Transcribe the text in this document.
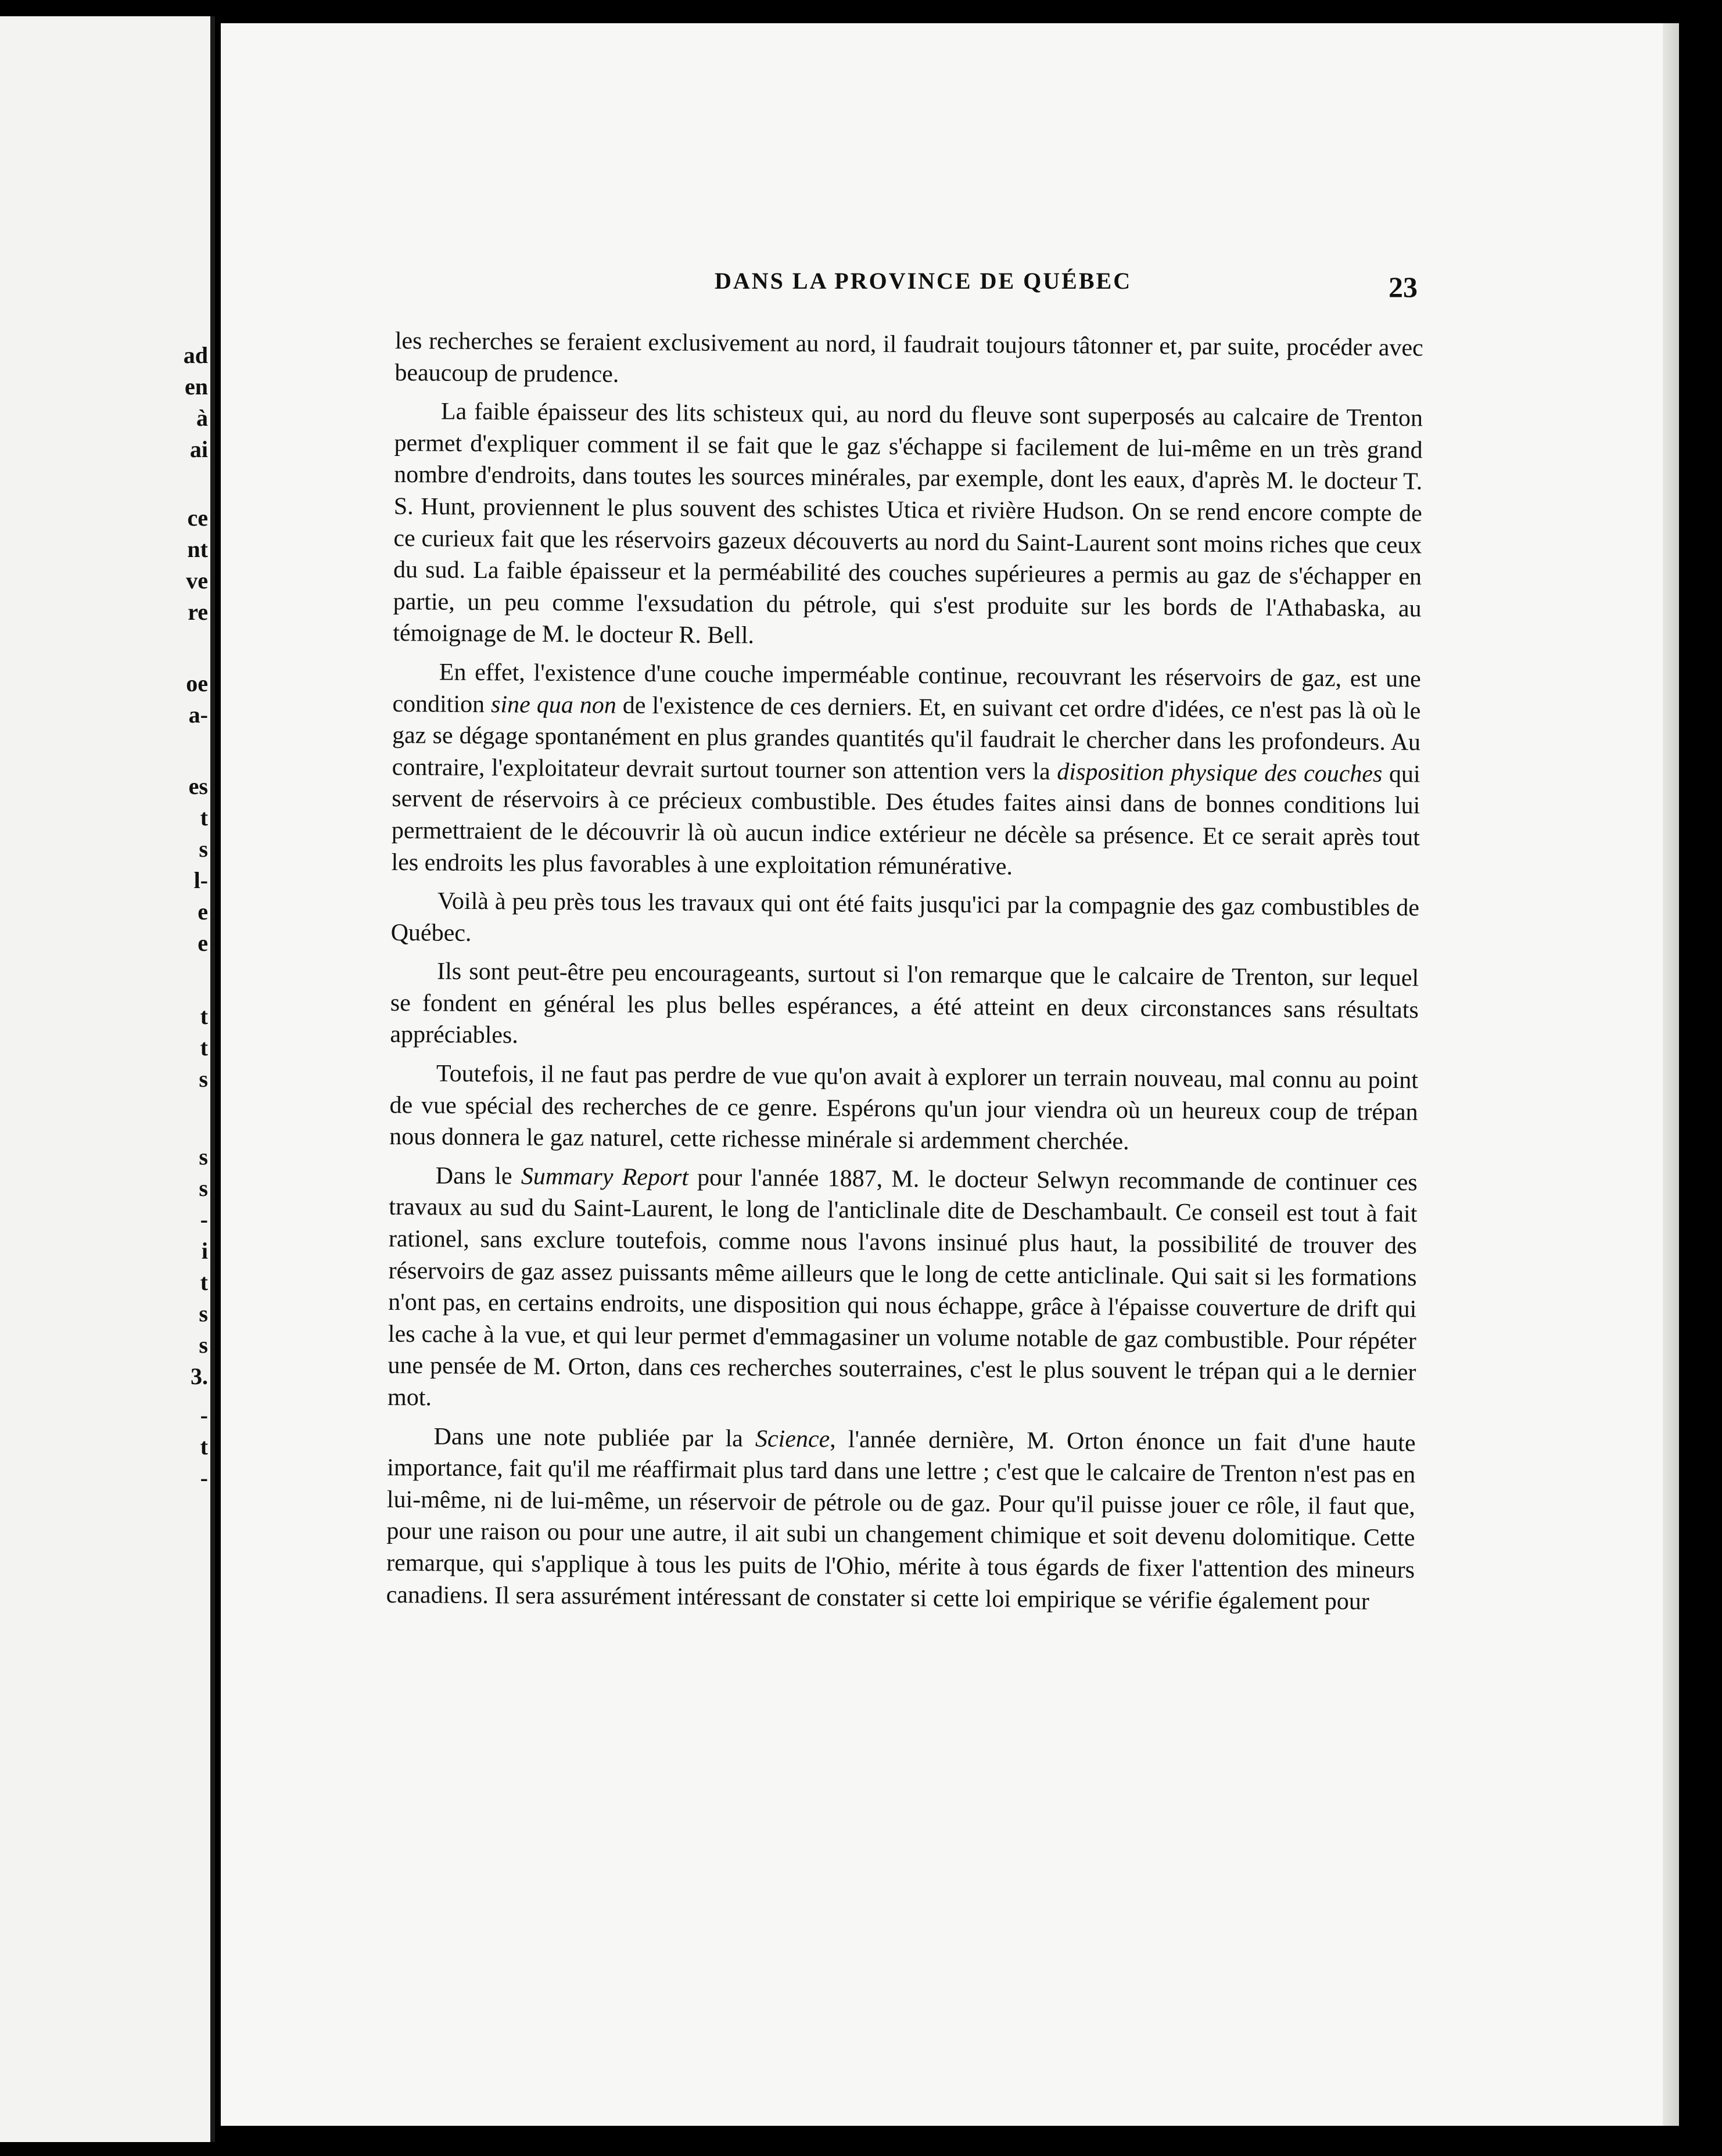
ad
en
à
ai
ce
nt
ve
re
oe
a-
es
t
s
l-
e
e
t
t
s
s
s
-
i
t
s
s
3.
-
t
-
DANS LA PROVINCE DE QUÉBEC	23

les recherches se feraient exclusivement au nord, il faudrait toujours tâtonner et, par suite, procéder avec beaucoup de prudence.

La faible épaisseur des lits schisteux qui, au nord du fleuve sont superposés au calcaire de Trenton permet d'expliquer comment il se fait que le gaz s'échappe si facilement de lui-même en un très grand nombre d'endroits, dans toutes les sources minérales, par exemple, dont les eaux, d'après M. le docteur T. S. Hunt, proviennent le plus souvent des schistes Utica et rivière Hudson. On se rend encore compte de ce curieux fait que les réservoirs gazeux découverts au nord du Saint-Laurent sont moins riches que ceux du sud. La faible épaisseur et la perméabilité des couches supérieures a permis au gaz de s'échapper en partie, un peu comme l'exsudation du pétrole, qui s'est produite sur les bords de l'Athabaska, au témoignage de M. le docteur R. Bell.

En effet, l'existence d'une couche imperméable continue, recouvrant les réservoirs de gaz, est une condition sine qua non de l'existence de ces derniers. Et, en suivant cet ordre d'idées, ce n'est pas là où le gaz se dégage spontanément en plus grandes quantités qu'il faudrait le chercher dans les profondeurs. Au contraire, l'exploitateur devrait surtout tourner son attention vers la disposition physique des couches qui servent de réservoirs à ce précieux combustible. Des études faites ainsi dans de bonnes conditions lui permettraient de le découvrir là où aucun indice extérieur ne décèle sa présence. Et ce serait après tout les endroits les plus favorables à une exploitation rémunérative.

Voilà à peu près tous les travaux qui ont été faits jusqu'ici par la compagnie des gaz combustibles de Québec.

Ils sont peut-être peu encourageants, surtout si l'on remarque que le calcaire de Trenton, sur lequel se fondent en général les plus belles espérances, a été atteint en deux circonstances sans résultats appréciables.

Toutefois, il ne faut pas perdre de vue qu'on avait à explorer un terrain nouveau, mal connu au point de vue spécial des recherches de ce genre. Espérons qu'un jour viendra où un heureux coup de trépan nous donnera le gaz naturel, cette richesse minérale si ardemment cherchée.

Dans le Summary Report pour l'année 1887, M. le docteur Selwyn recommande de continuer ces travaux au sud du Saint-Laurent, le long de l'anticlinale dite de Deschambault. Ce conseil est tout à fait rationel, sans exclure toutefois, comme nous l'avons insinué plus haut, la possibilité de trouver des réservoirs de gaz assez puissants même ailleurs que le long de cette anticlinale. Qui sait si les formations n'ont pas, en certains endroits, une disposition qui nous échappe, grâce à l'épaisse couverture de drift qui les cache à la vue, et qui leur permet d'emmagasiner un volume notable de gaz combustible. Pour répéter une pensée de M. Orton, dans ces recherches souterraines, c'est le plus souvent le trépan qui a le dernier mot.

Dans une note publiée par la Science, l'année dernière, M. Orton énonce un fait d'une haute importance, fait qu'il me réaffirmait plus tard dans une lettre ; c'est que le calcaire de Trenton n'est pas en lui-même, ni de lui-même, un réservoir de pétrole ou de gaz. Pour qu'il puisse jouer ce rôle, il faut que, pour une raison ou pour une autre, il ait subi un changement chimique et soit devenu dolomitique. Cette remarque, qui s'applique à tous les puits de l'Ohio, mérite à tous égards de fixer l'attention des mineurs canadiens. Il sera assurément intéressant de constater si cette loi empirique se vérifie également pour
